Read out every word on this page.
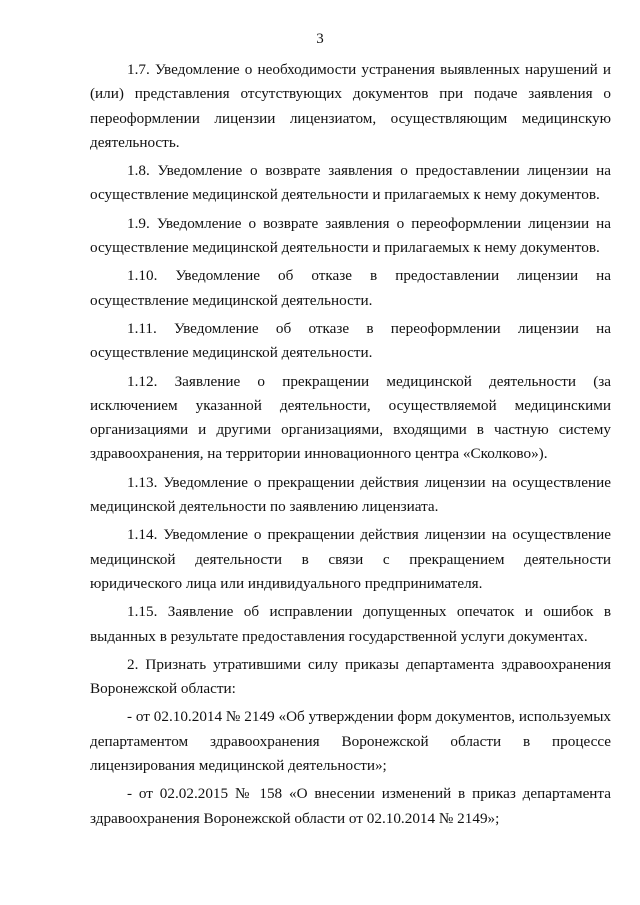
3

1.7. Уведомление о необходимости устранения выявленных нарушений и (или) представления отсутствующих документов при подаче заявления о переоформлении лицензии лицензиатом, осуществляющим медицинскую деятельность.

1.8. Уведомление о возврате заявления о предоставлении лицензии на осуществление медицинской деятельности и прилагаемых к нему документов.

1.9. Уведомление о возврате заявления о переоформлении лицензии на осуществление медицинской деятельности и прилагаемых к нему документов.

1.10. Уведомление об отказе в предоставлении лицензии на осуществление медицинской деятельности.

1.11. Уведомление об отказе в переоформлении лицензии на осуществление медицинской деятельности.

1.12. Заявление о прекращении медицинской деятельности (за исключением указанной деятельности, осуществляемой медицинскими организациями и другими организациями, входящими в частную систему здравоохранения, на территории инновационного центра «Сколково»).

1.13. Уведомление о прекращении действия лицензии на осуществление медицинской деятельности по заявлению лицензиата.

1.14. Уведомление о прекращении действия лицензии на осуществление медицинской деятельности в связи с прекращением деятельности юридического лица или индивидуального предпринимателя.

1.15. Заявление об исправлении допущенных опечаток и ошибок в выданных в результате предоставления государственной услуги документах.

2. Признать утратившими силу приказы департамента здравоохранения Воронежской области:

- от 02.10.2014 № 2149 «Об утверждении форм документов, используемых департаментом здравоохранения Воронежской области в процессе лицензирования медицинской деятельности»;

- от 02.02.2015 № 158 «О внесении изменений в приказ департамента здравоохранения Воронежской области от 02.10.2014 № 2149»;
